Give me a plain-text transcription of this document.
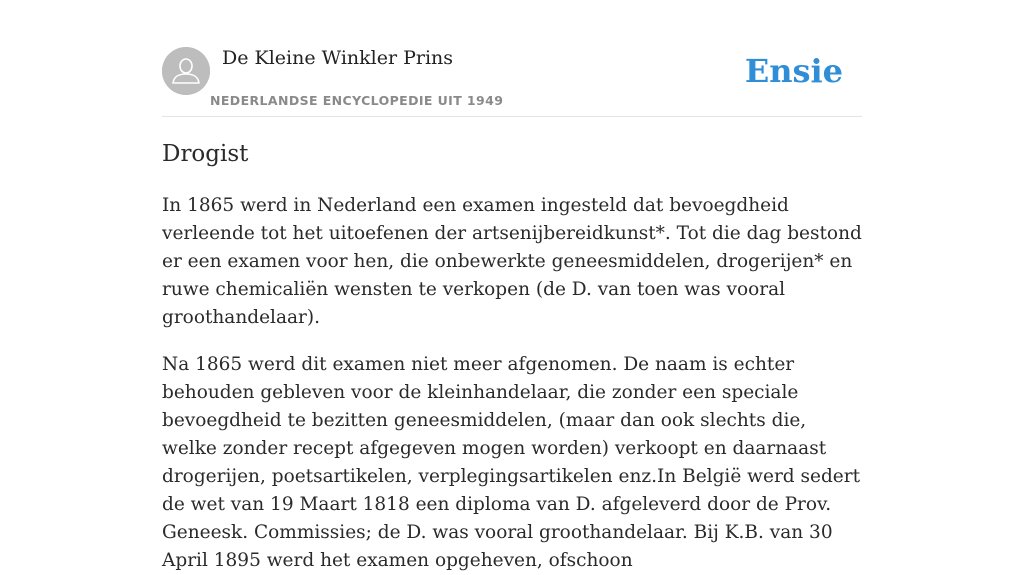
De Kleine Winkler Prins
NEDERLANDSE ENCYCLOPEDIE UIT 1949
Ensie
Drogist

In 1865 werd in Nederland een examen ingesteld dat bevoegdheid verleende tot het uitoefenen der artsenijbereidkunst*. Tot die dag bestond er een examen voor hen, die onbewerkte geneesmiddelen, drogerijen* en ruwe chemicaliën wensten te verkopen (de D. van toen was vooral groothandelaar).

Na 1865 werd dit examen niet meer afgenomen. De naam is echter behouden gebleven voor de kleinhandelaar, die zonder een speciale bevoegdheid te bezitten geneesmiddelen, (maar dan ook slechts die, welke zonder recept afgegeven mogen worden) verkoopt en daarnaast drogerijen, poetsartikelen, verplegingsartikelen enz.In België werd sedert de wet van 19 Maart 1818 een diploma van D. afgeleverd door de Prov. Geneesk. Commissies; de D. was vooral groothandelaar. Bij K.B. van 30 April 1895 werd het examen opgeheven, ofschoon
